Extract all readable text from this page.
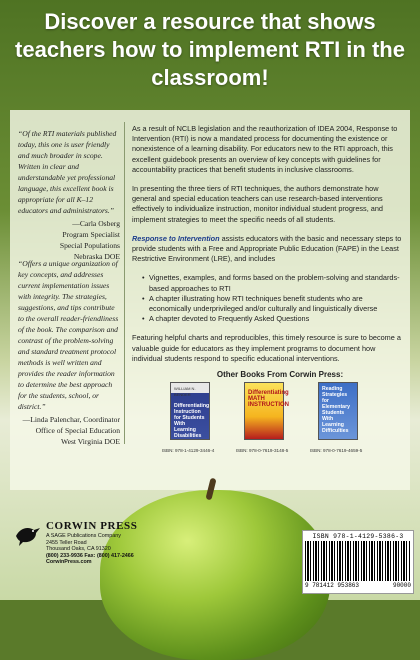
Discover a resource that shows teachers how to implement RTI in the classroom!
“Of the RTI materials published today, this one is user friendly and much broader in scope. Written in clear and understandable yet professional language, this excellent book is appropriate for all K–12 educators and administrators.”
—Carla Osberg
Program Specialist
Special Populations
Nebraska DOE
“Offers a unique organization of key concepts, and addresses current implementation issues with integrity. The strategies, suggestions, and tips contribute to the overall reader-friendliness of the book. The comparison and contrast of the problem-solving and standard treatment protocol methods is well written and provides the reader information to determine the best approach for the students, school, or district.”
—Linda Palenchar, Coordinator
Office of Special Education
West Virginia DOE

As a result of NCLB legislation and the reauthorization of IDEA 2004, Response to Intervention (RTI) is now a mandated process for documenting the existence or nonexistence of a learning disability. For educators new to the RTI approach, this excellent guidebook presents an overview of key concepts with guidelines for accountability practices that benefit students in inclusive classrooms.

In presenting the three tiers of RTI techniques, the authors demonstrate how general and special education teachers can use research-based interventions effectively to individualize instruction, monitor individual student progress, and implement strategies to meet the specific needs of all students.

Response to Intervention assists educators with the basic and necessary steps to provide students with a Free and Appropriate Public Education (FAPE) in the Least Restrictive Environment (LRE), and includes

• Vignettes, examples, and forms based on the problem-solving and standards-based approaches to RTI
• A chapter illustrating how RTI techniques benefit students who are economically underprivileged and/or culturally and linguistically diverse
• A chapter devoted to Frequently Asked Questions

Featuring helpful charts and reproducibles, this timely resource is sure to become a valuable guide for educators as they implement programs to document how individual students respond to specific educational interventions.

Other Books From Corwin Press:
WILLIAM N. BENDER
Differentiating Instruction for Students With Learning Disabilities
Differentiating MATH INSTRUCTION
Reading Strategies for Elementary Students With Learning Difficulties
ISBN: 978-1-4129-3446-4	ISBN: 978-0-7619-3148-5	ISBN: 978-0-7619-4659-5
CORWIN PRESS
A SAGE Publications Company
2455 Teller Road
Thousand Oaks, CA 91320
(800) 233-9936 Fax: (800) 417-2466
CorwinPress.com
ISBN 978-1-4129-5386-3
9 781412 953863	90000
